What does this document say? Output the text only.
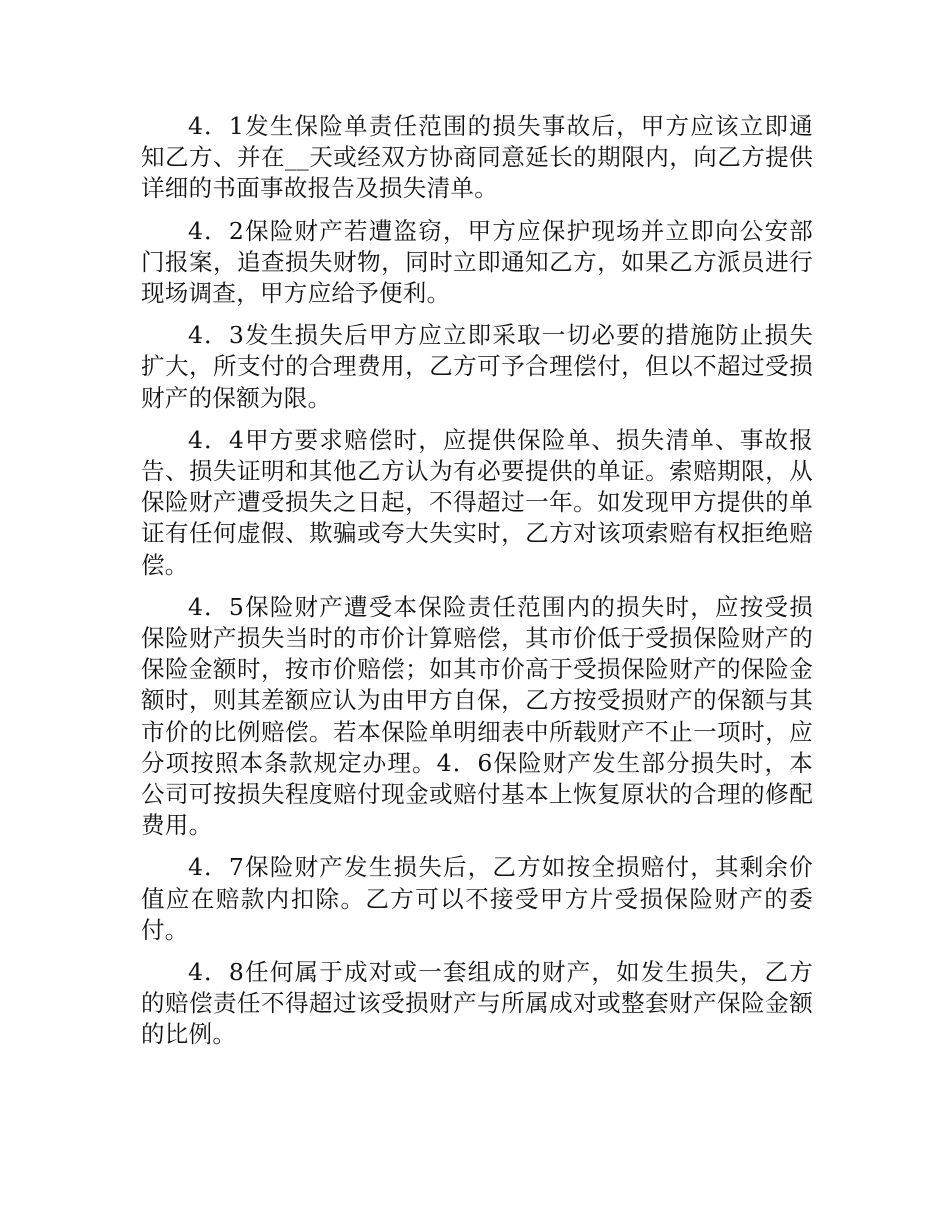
4．1发生保险单责任范围的损失事故后，甲方应该立即通知乙方、并在__天或经双方协商同意延长的期限内，向乙方提供详细的书面事故报告及损失清单。

4．2保险财产若遭盗窃，甲方应保护现场并立即向公安部门报案，追查损失财物，同时立即通知乙方，如果乙方派员进行现场调查，甲方应给予便利。

4．3发生损失后甲方应立即采取一切必要的措施防止损失扩大，所支付的合理费用，乙方可予合理偿付，但以不超过受损财产的保额为限。

4．4甲方要求赔偿时，应提供保险单、损失清单、事故报告、损失证明和其他乙方认为有必要提供的单证。索赔期限，从保险财产遭受损失之日起，不得超过一年。如发现甲方提供的单证有任何虚假、欺骗或夸大失实时，乙方对该项索赔有权拒绝赔偿。

4．5保险财产遭受本保险责任范围内的损失时，应按受损保险财产损失当时的市价计算赔偿，其市价低于受损保险财产的保险金额时，按市价赔偿；如其市价高于受损保险财产的保险金额时，则其差额应认为由甲方自保，乙方按受损财产的保额与其市价的比例赔偿。若本保险单明细表中所载财产不止一项时，应分项按照本条款规定办理。4．6保险财产发生部分损失时，本公司可按损失程度赔付现金或赔付基本上恢复原状的合理的修配费用。

4．7保险财产发生损失后，乙方如按全损赔付，其剩余价值应在赔款内扣除。乙方可以不接受甲方片受损保险财产的委付。

4．8任何属于成对或一套组成的财产，如发生损失，乙方的赔偿责任不得超过该受损财产与所属成对或整套财产保险金额的比例。
